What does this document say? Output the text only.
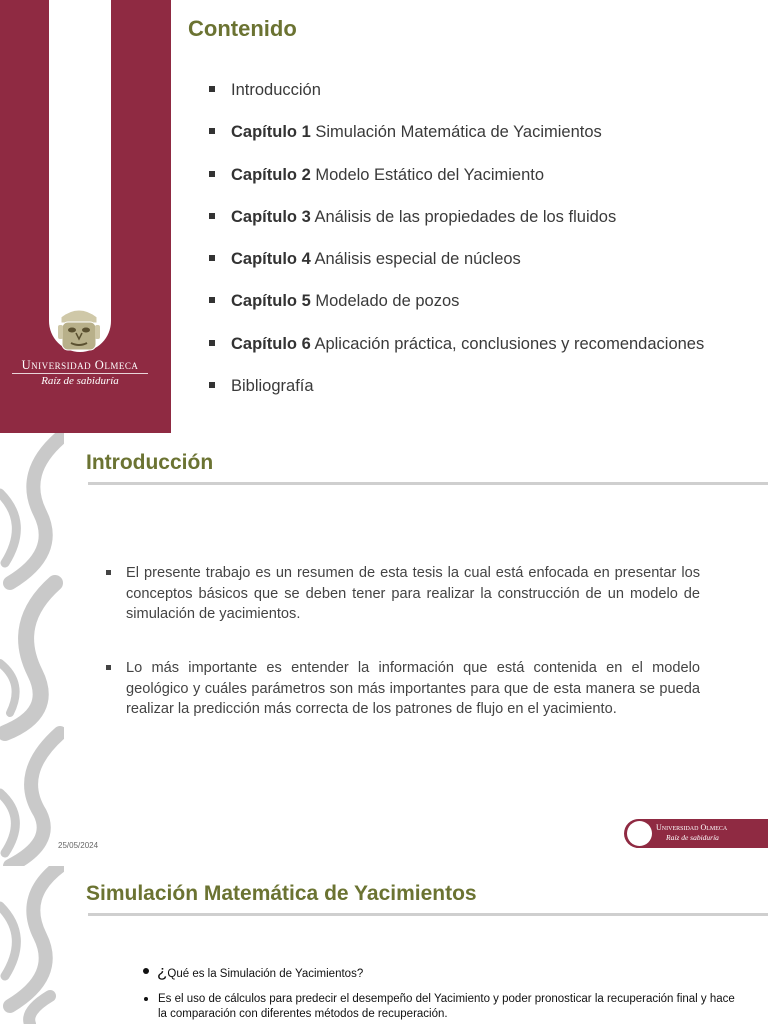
Universidad Olmeca
Raíz de sabiduría
Contenido
Introducción
Capítulo 1 Simulación Matemática de Yacimientos
Capítulo 2 Modelo Estático del Yacimiento
Capítulo 3 Análisis de las propiedades de los fluidos
Capítulo 4 Análisis especial de núcleos
Capítulo 5 Modelado de pozos
Capítulo 6 Aplicación práctica, conclusiones y recomendaciones
Bibliografía
Introducción
El presente trabajo es un resumen de esta tesis la cual está enfocada en presentar los conceptos básicos que se deben tener para realizar la construcción de un modelo de simulación de yacimientos.
Lo más importante es entender la información que está contenida en el modelo geológico y cuáles parámetros son más importantes para que de esta manera se pueda realizar la predicción más correcta de los patrones de flujo en el yacimiento.
25/05/2024
Universidad Olmeca
Raíz de sabiduría
Simulación Matemática de Yacimientos
¿Qué es la Simulación de Yacimientos?
Es el uso de cálculos para predecir el desempeño del Yacimiento y poder pronosticar la recuperación final y hace la comparación con diferentes métodos de recuperación.
